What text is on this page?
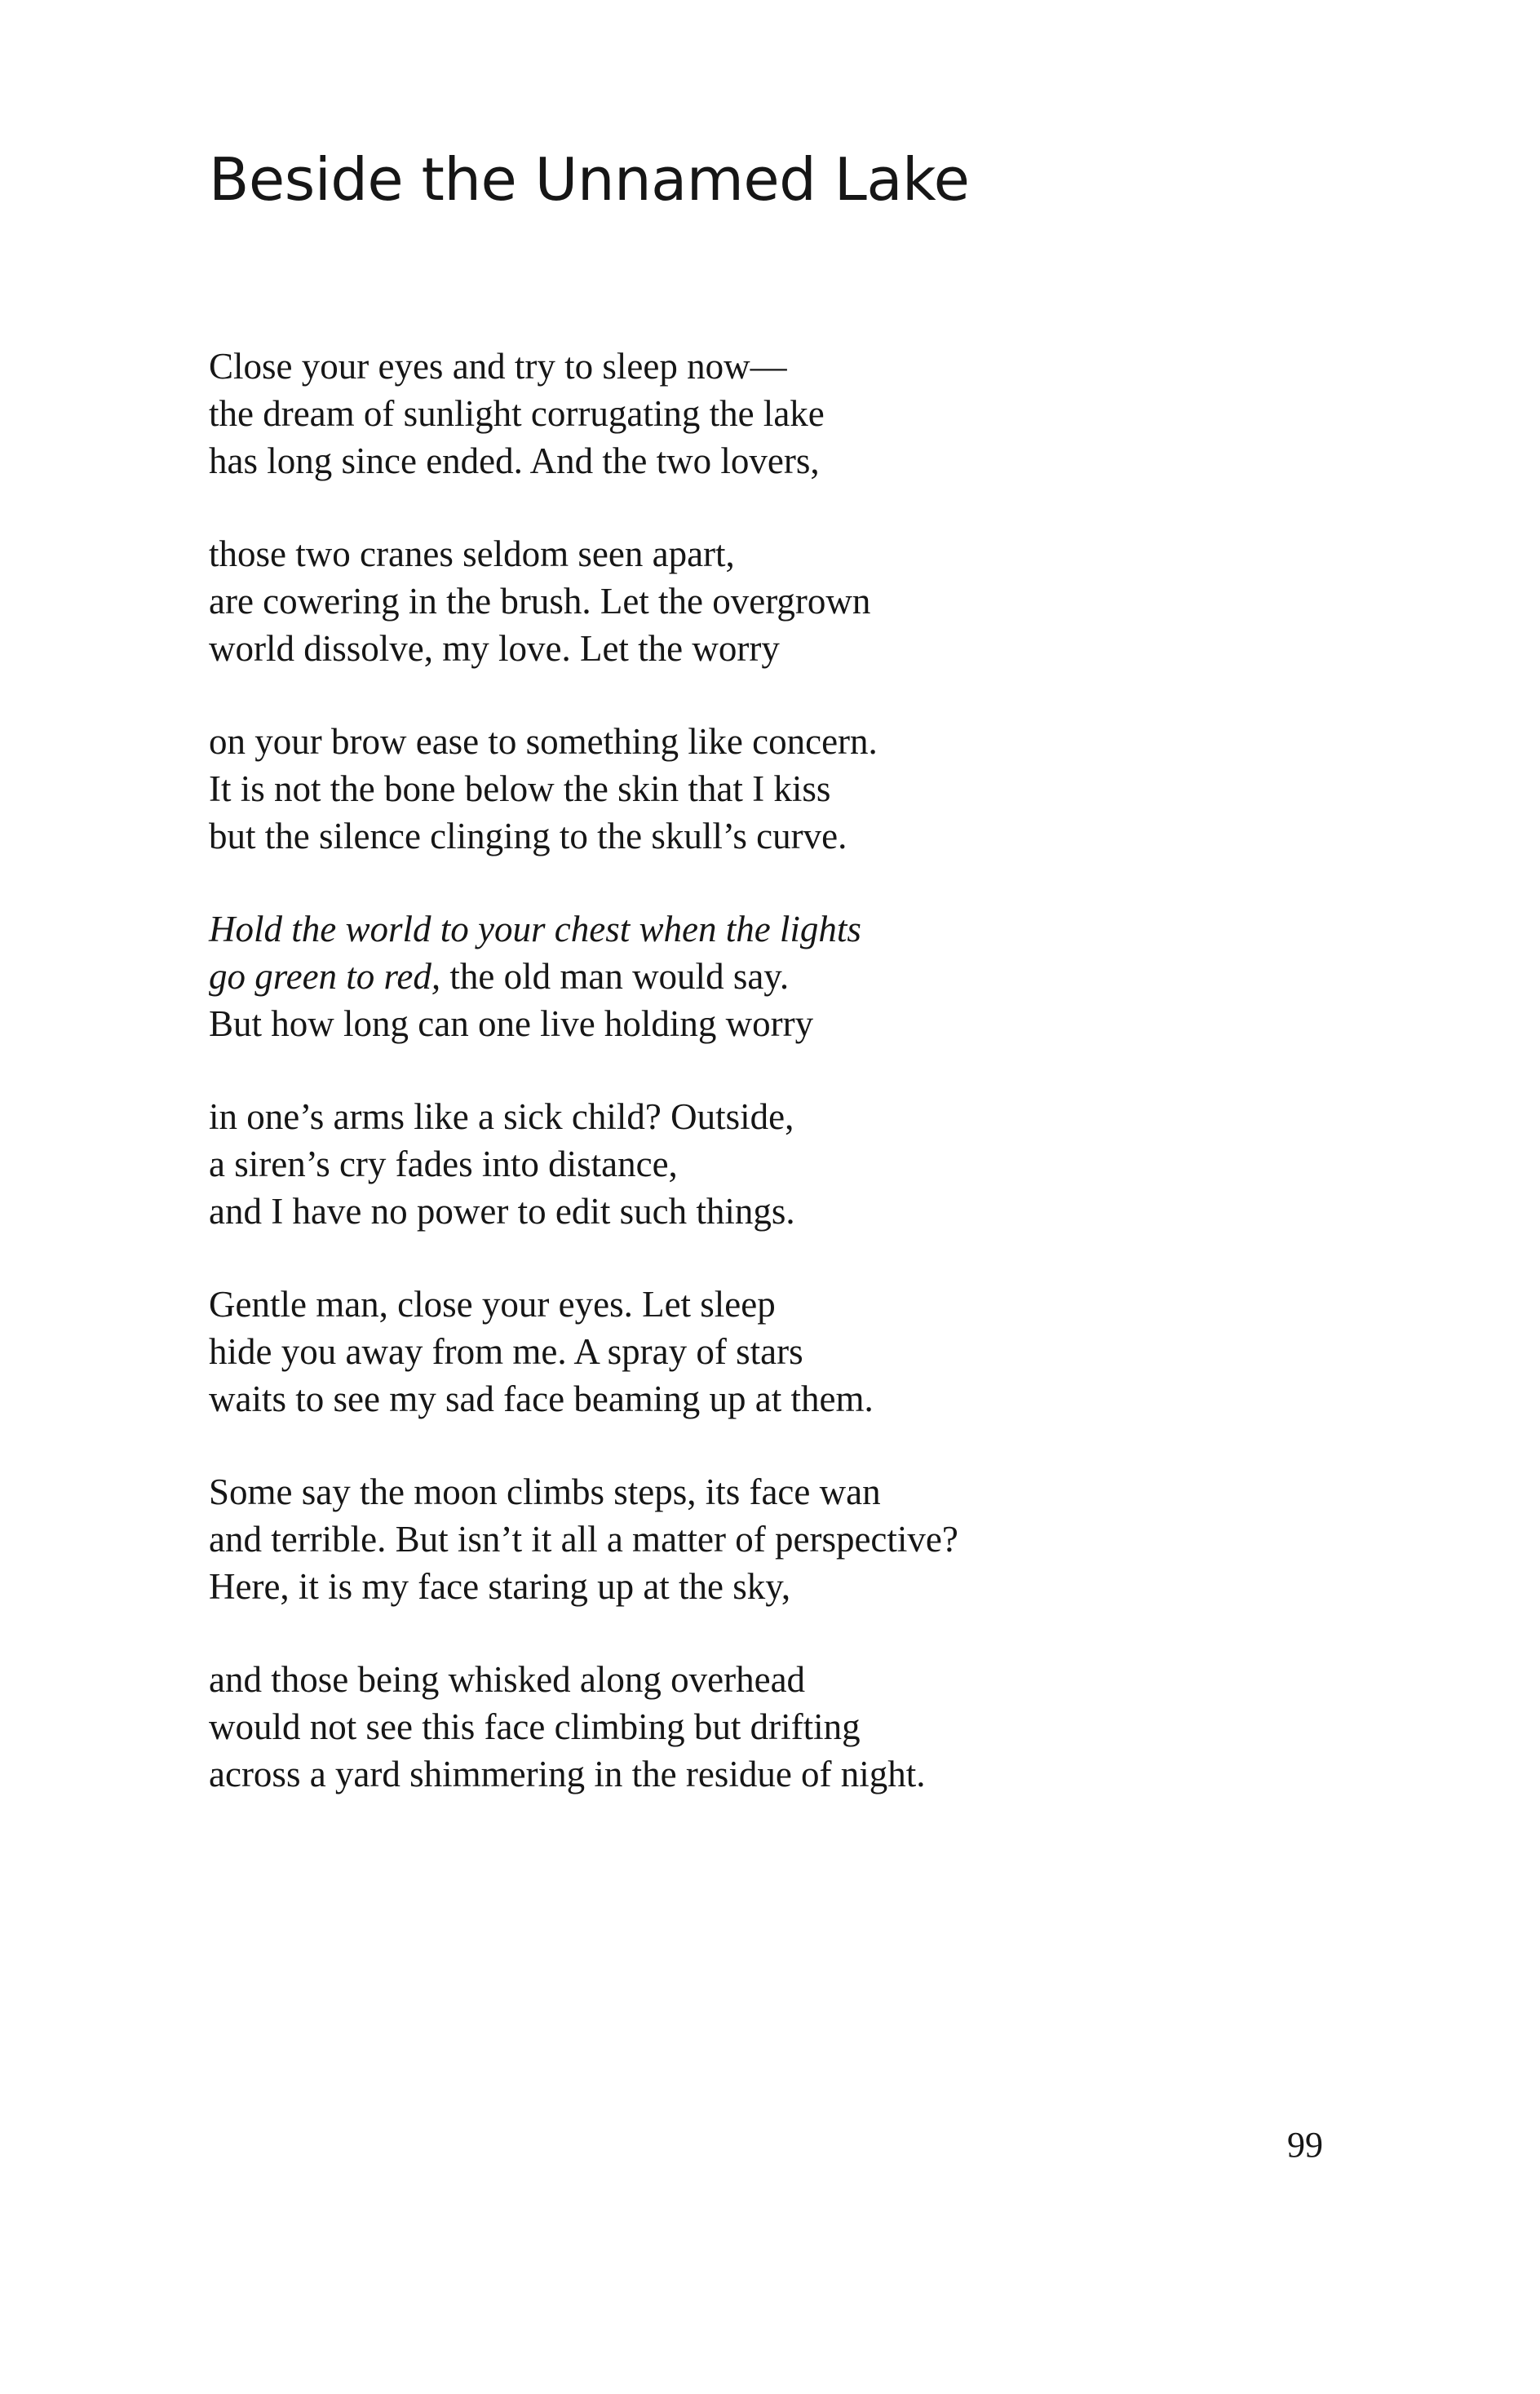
Beside the Unnamed Lake
Close your eyes and try to sleep now—
the dream of sunlight corrugating the lake
has long since ended. And the two lovers,
those two cranes seldom seen apart,
are cowering in the brush. Let the overgrown
world dissolve, my love. Let the worry
on your brow ease to something like concern.
It is not the bone below the skin that I kiss
but the silence clinging to the skull’s curve.
Hold the world to your chest when the lights
go green to red, the old man would say.
But how long can one live holding worry
in one’s arms like a sick child? Outside,
a siren’s cry fades into distance,
and I have no power to edit such things.
Gentle man, close your eyes. Let sleep
hide you away from me. A spray of stars
waits to see my sad face beaming up at them.
Some say the moon climbs steps, its face wan
and terrible. But isn’t it all a matter of perspective?
Here, it is my face staring up at the sky,
and those being whisked along overhead
would not see this face climbing but drifting
across a yard shimmering in the residue of night.
99
